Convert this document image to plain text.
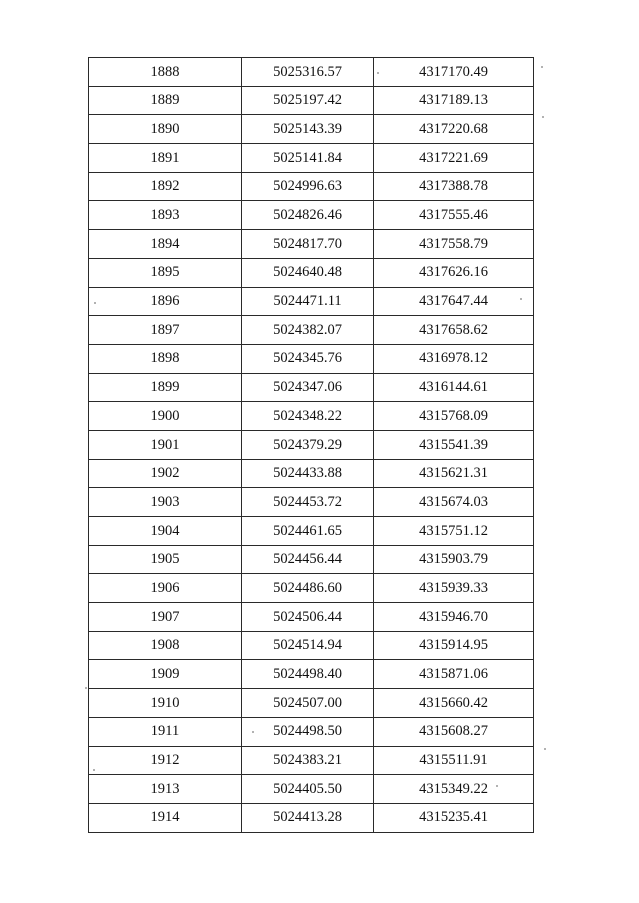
1888	5025316.57	4317170.49
1889	5025197.42	4317189.13
1890	5025143.39	4317220.68
1891	5025141.84	4317221.69
1892	5024996.63	4317388.78
1893	5024826.46	4317555.46
1894	5024817.70	4317558.79
1895	5024640.48	4317626.16
1896	5024471.11	4317647.44
1897	5024382.07	4317658.62
1898	5024345.76	4316978.12
1899	5024347.06	4316144.61
1900	5024348.22	4315768.09
1901	5024379.29	4315541.39
1902	5024433.88	4315621.31
1903	5024453.72	4315674.03
1904	5024461.65	4315751.12
1905	5024456.44	4315903.79
1906	5024486.60	4315939.33
1907	5024506.44	4315946.70
1908	5024514.94	4315914.95
1909	5024498.40	4315871.06
1910	5024507.00	4315660.42
1911	5024498.50	4315608.27
1912	5024383.21	4315511.91
1913	5024405.50	4315349.22
1914	5024413.28	4315235.41
